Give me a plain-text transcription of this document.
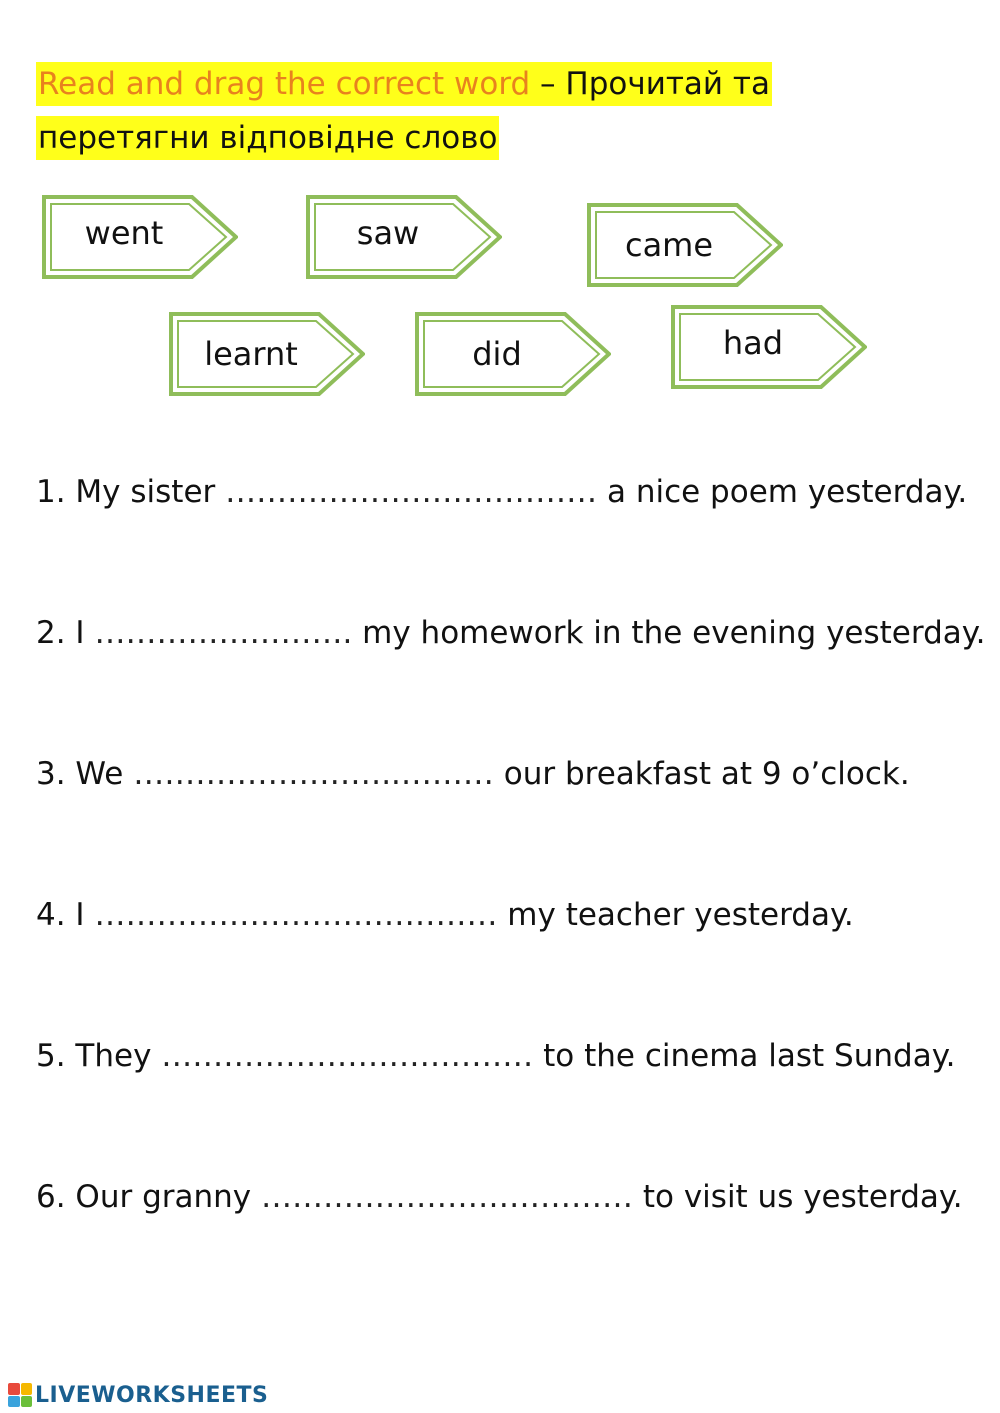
Read and drag the correct word – Прочитай та
перетягни відповідне слово
went	saw	came
learnt	did	had
1. My sister ……………………………… a nice poem yesterday.
2. I ……………………. my homework in the evening yesterday.
3. We ……………………..……… our breakfast at 9 o’clock.
4. I ………………………………… my teacher yesterday.
5. They ……………………………… to the cinema last Sunday.
6. Our granny ……………………………… to visit us yesterday.
LIVEWORKSHEETS
